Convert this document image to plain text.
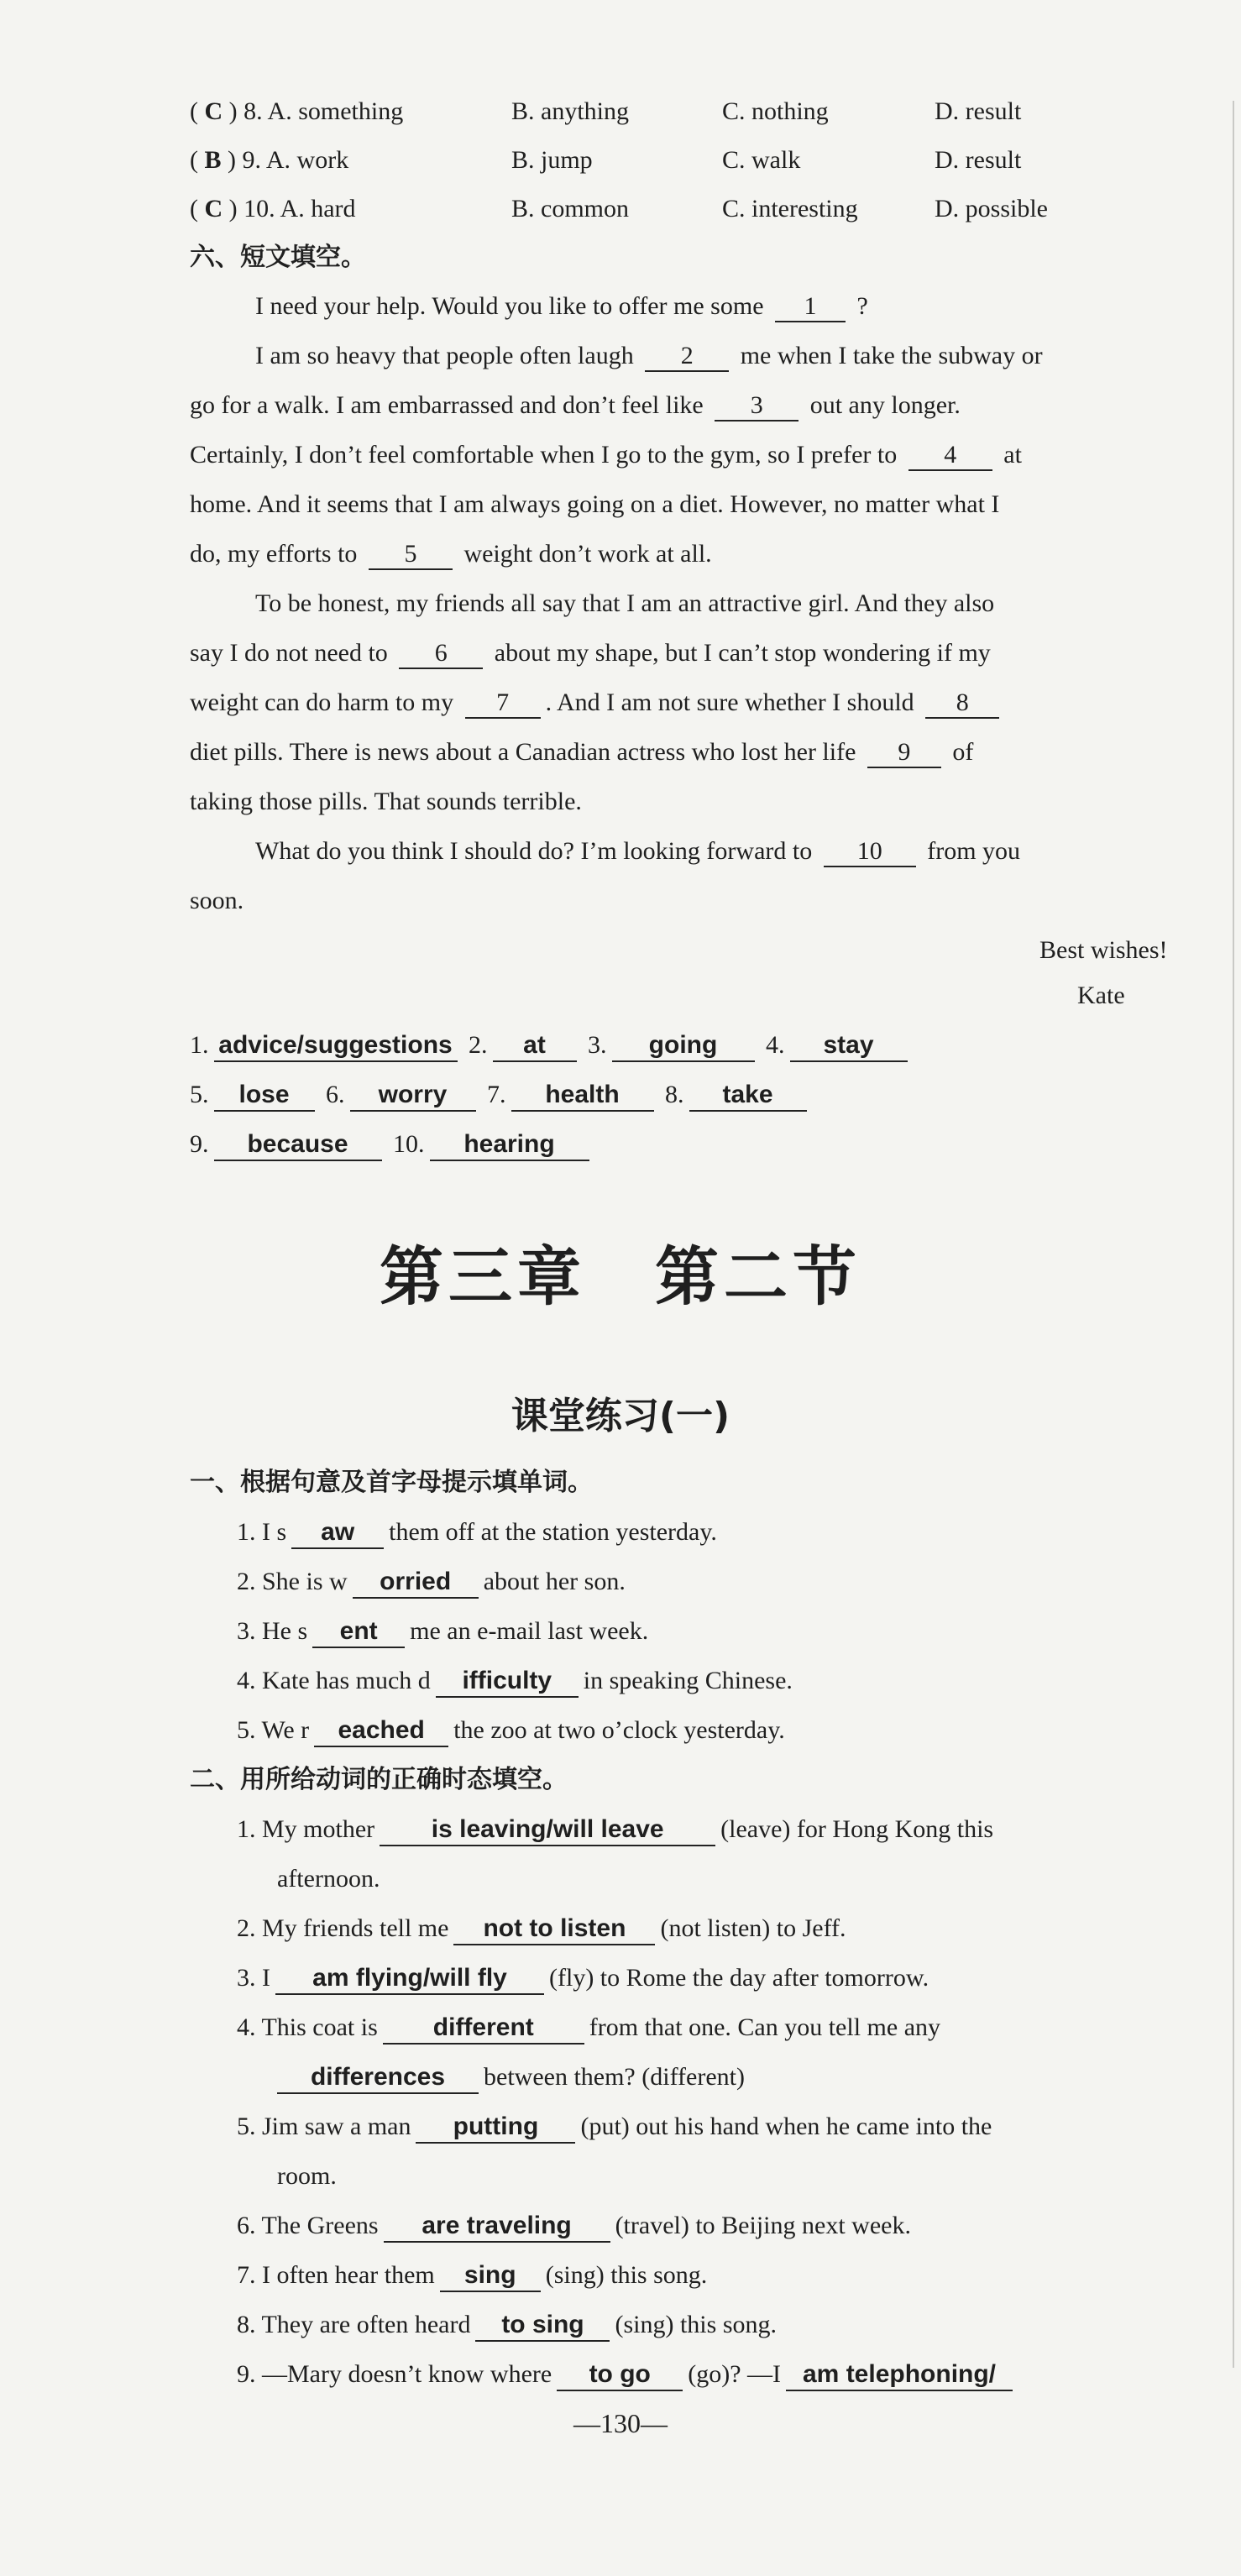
( C ) 8. A. something	B. anything	C. nothing	D. result
( B ) 9. A. work	B. jump	C. walk	D. result
( C ) 10. A. hard	B. common	C. interesting	D. possible
六、短文填空。
I need your help. Would you like to offer me some 1 ?
I am so heavy that people often laugh 2 me when I take the subway or
go for a walk. I am embarrassed and don’t feel like 3 out any longer.
Certainly, I don’t feel comfortable when I go to the gym, so I prefer to 4 at
home. And it seems that I am always going on a diet. However, no matter what I
do, my efforts to 5 weight don’t work at all.
To be honest, my friends all say that I am an attractive girl. And they also
say I do not need to 6 about my shape, but I can’t stop wondering if my
weight can do harm to my 7 . And I am not sure whether I should 8
diet pills. There is news about a Canadian actress who lost her life 9 of
taking those pills. That sounds terrible.
What do you think I should do? I’m looking forward to 10 from you
soon.
Best wishes!
Kate
1. advice/suggestions 2. at 3. going 4. stay
5. lose 6. worry 7. health 8. take
9. because 10. hearing
第三章　第二节
课堂练习(一)
一、根据句意及首字母提示填单词。
1. I s aw them off at the station yesterday.
2. She is w orried about her son.
3. He s ent me an e-mail last week.
4. Kate has much d ifficulty in speaking Chinese.
5. We r eached the zoo at two o’clock yesterday.
二、用所给动词的正确时态填空。
1. My mother is leaving/will leave (leave) for Hong Kong this
afternoon.
2. My friends tell me not to listen (not listen) to Jeff.
3. I am flying/will fly (fly) to Rome the day after tomorrow.
4. This coat is different from that one. Can you tell me any
differences between them? (different)
5. Jim saw a man putting (put) out his hand when he came into the
room.
6. The Greens are traveling (travel) to Beijing next week.
7. I often hear them sing (sing) this song.
8. They are often heard to sing (sing) this song.
9. —Mary doesn’t know where to go (go)? —I am telephoning/
—130—
